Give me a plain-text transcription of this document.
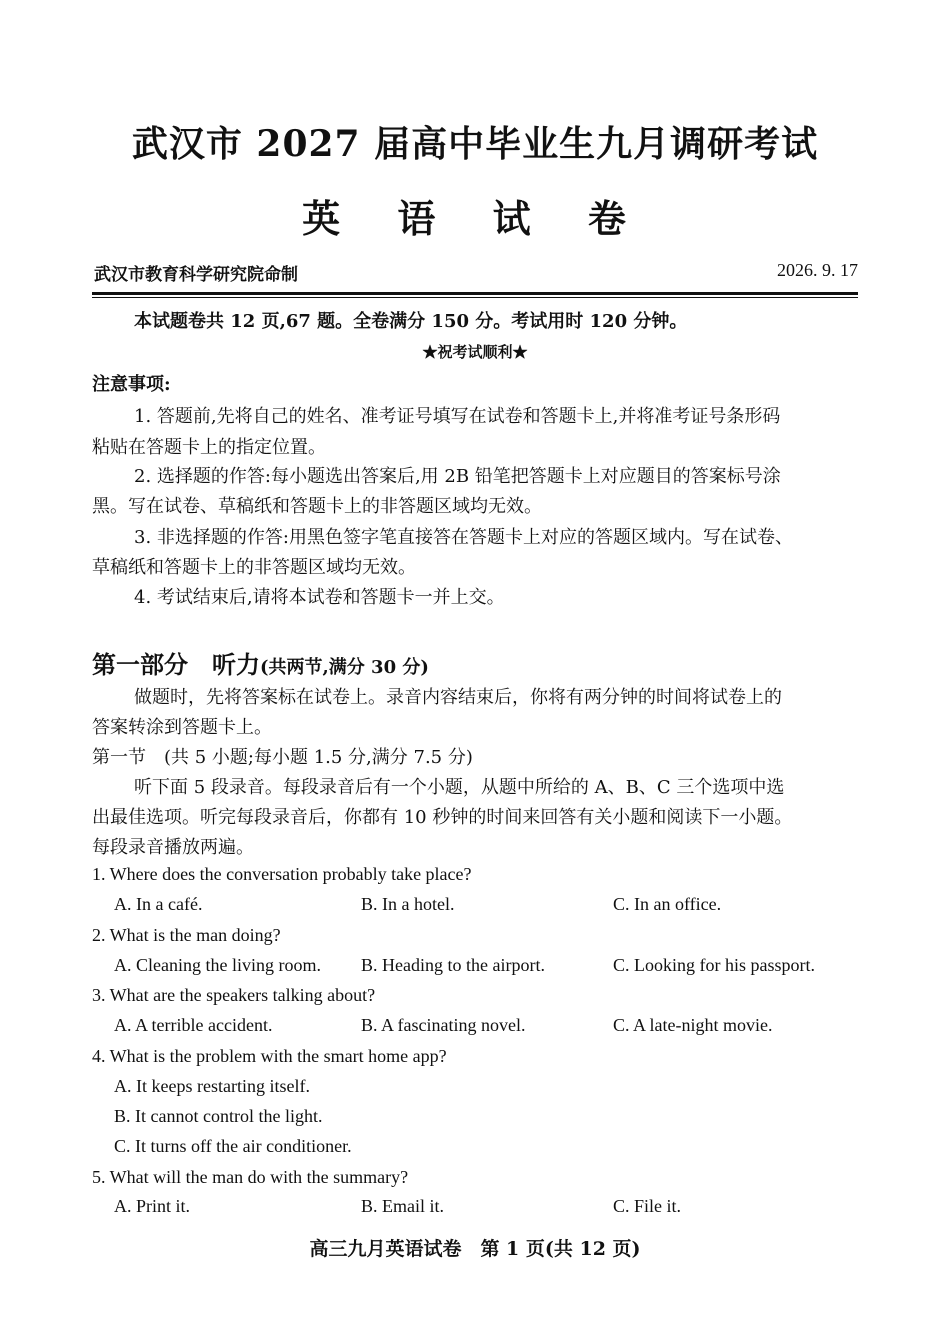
武汉市 2027 届高中毕业生九月调研考试
英 语 试 卷
武汉市教育科学研究院命制	2026. 9. 17
本试题卷共 12 页,67 题。全卷满分 150 分。考试用时 120 分钟。
★祝考试顺利★
注意事项:
1. 答题前,先将自己的姓名、准考证号填写在试卷和答题卡上,并将准考证号条形码
粘贴在答题卡上的指定位置。
2. 选择题的作答:每小题选出答案后,用 2B 铅笔把答题卡上对应题目的答案标号涂
黑。写在试卷、草稿纸和答题卡上的非答题区域均无效。
3. 非选择题的作答:用黑色签字笔直接答在答题卡上对应的答题区域内。写在试卷、
草稿纸和答题卡上的非答题区域均无效。
4. 考试结束后,请将本试卷和答题卡一并上交。
第一部分　听力(共两节,满分 30 分)
做题时，先将答案标在试卷上。录音内容结束后，你将有两分钟的时间将试卷上的
答案转涂到答题卡上。
第一节　(共 5 小题;每小题 1.5 分,满分 7.5 分)
听下面 5 段录音。每段录音后有一个小题，从题中所给的 A、B、C 三个选项中选
出最佳选项。听完每段录音后，你都有 10 秒钟的时间来回答有关小题和阅读下一小题。
每段录音播放两遍。
1. Where does the conversation probably take place?
A. In a café.	B. In a hotel.	C. In an office.
2. What is the man doing?
A. Cleaning the living room. B. Heading to the airport.	C. Looking for his passport.
3. What are the speakers talking about?
A. A terrible accident.	B. A fascinating novel.	C. A late-night movie.
4. What is the problem with the smart home app?
A. It keeps restarting itself.
B. It cannot control the light.
C. It turns off the air conditioner.
5. What will the man do with the summary?
A. Print it.	B. Email it.	C. File it.
高三九月英语试卷　第 1 页(共 12 页)
